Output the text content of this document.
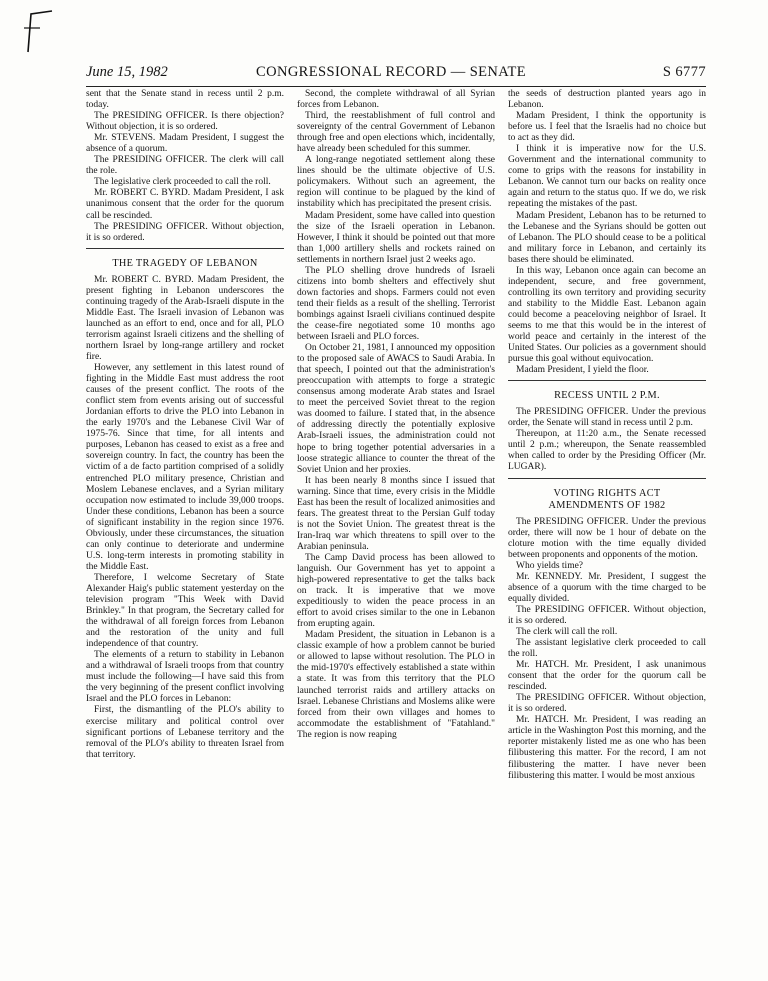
June 15, 1982	CONGRESSIONAL RECORD — SENATE	S 6777

sent that the Senate stand in recess until 2 p.m. today.

The PRESIDING OFFICER. Is there objection? Without objection, it is so ordered.

Mr. STEVENS. Madam President, I suggest the absence of a quorum.

The PRESIDING OFFICER. The clerk will call the role.

The legislative clerk proceeded to call the roll.

Mr. ROBERT C. BYRD. Madam President, I ask unanimous consent that the order for the quorum call be rescinded.

The PRESIDING OFFICER. Without objection, it is so ordered.

THE TRAGEDY OF LEBANON

Mr. ROBERT C. BYRD. Madam President, the present fighting in Lebanon underscores the continuing tragedy of the Arab-Israeli dispute in the Middle East. The Israeli invasion of Lebanon was launched as an effort to end, once and for all, PLO terrorism against Israeli citizens and the shelling of northern Israel by long-range artillery and rocket fire.

However, any settlement in this latest round of fighting in the Middle East must address the root causes of the present conflict. The roots of the conflict stem from events arising out of successful Jordanian efforts to drive the PLO into Lebanon in the early 1970's and the Lebanese Civil War of 1975-76. Since that time, for all intents and purposes, Lebanon has ceased to exist as a free and sovereign country. In fact, the country has been the victim of a de facto partition comprised of a solidly entrenched PLO military presence, Christian and Moslem Lebanese enclaves, and a Syrian military occupation now estimated to include 39,000 troops. Under these conditions, Lebanon has been a source of significant instability in the region since 1976. Obviously, under these circumstances, the situation can only continue to deteriorate and undermine U.S. long-term interests in promoting stability in the Middle East.

Therefore, I welcome Secretary of State Alexander Haig's public statement yesterday on the television program "This Week with David Brinkley." In that program, the Secretary called for the withdrawal of all foreign forces from Lebanon and the restoration of the unity and full independence of that country.

The elements of a return to stability in Lebanon and a withdrawal of Israeli troops from that country must include the following—I have said this from the very beginning of the present conflict involving Israel and the PLO forces in Lebanon:

First, the dismantling of the PLO's ability to exercise military and political control over significant portions of Lebanese territory and the removal of the PLO's ability to threaten Israel from that territory.

Second, the complete withdrawal of all Syrian forces from Lebanon.

Third, the reestablishment of full control and sovereignty of the central Government of Lebanon through free and open elections which, incidentally, have already been scheduled for this summer.

A long-range negotiated settlement along these lines should be the ultimate objective of U.S. policymakers. Without such an agreement, the region will continue to be plagued by the kind of instability which has precipitated the present crisis.

Madam President, some have called into question the size of the Israeli operation in Lebanon. However, I think it should be pointed out that more than 1,000 artillery shells and rockets rained on settlements in northern Israel just 2 weeks ago.

The PLO shelling drove hundreds of Israeli citizens into bomb shelters and effectively shut down factories and shops. Farmers could not even tend their fields as a result of the shelling. Terrorist bombings against Israeli civilians continued despite the cease-fire negotiated some 10 months ago between Israeli and PLO forces.

On October 21, 1981, I announced my opposition to the proposed sale of AWACS to Saudi Arabia. In that speech, I pointed out that the administration's preoccupation with attempts to forge a strategic consensus among moderate Arab states and Israel to meet the perceived Soviet threat to the region was doomed to failure. I stated that, in the absence of addressing directly the potentially explosive Arab-Israeli issues, the administration could not hope to bring together potential adversaries in a loose strategic alliance to counter the threat of the Soviet Union and her proxies.

It has been nearly 8 months since I issued that warning. Since that time, every crisis in the Middle East has been the result of localized animosities and fears. The greatest threat to the Persian Gulf today is not the Soviet Union. The greatest threat is the Iran-Iraq war which threatens to spill over to the Arabian peninsula.

The Camp David process has been allowed to languish. Our Government has yet to appoint a high-powered representative to get the talks back on track. It is imperative that we move expeditiously to widen the peace process in an effort to avoid crises similar to the one in Lebanon from erupting again.

Madam President, the situation in Lebanon is a classic example of how a problem cannot be buried or allowed to lapse without resolution. The PLO in the mid-1970's effectively established a state within a state. It was from this territory that the PLO launched terrorist raids and artillery attacks on Israel. Lebanese Christians and Moslems alike were forced from their own villages and homes to accommodate the establishment of "Fatahland." The region is now reaping

the seeds of destruction planted years ago in Lebanon.

Madam President, I think the opportunity is before us. I feel that the Israelis had no choice but to act as they did.

I think it is imperative now for the U.S. Government and the international community to come to grips with the reasons for instability in Lebanon. We cannot turn our backs on reality once again and return to the status quo. If we do, we risk repeating the mistakes of the past.

Madam President, Lebanon has to be returned to the Lebanese and the Syrians should be gotten out of Lebanon. The PLO should cease to be a political and military force in Lebanon, and certainly its bases there should be eliminated.

In this way, Lebanon once again can become an independent, secure, and free government, controlling its own territory and providing security and stability to the Middle East. Lebanon again could become a peaceloving neighbor of Israel. It seems to me that this would be in the interest of world peace and certainly in the interest of the United States. Our policies as a government should pursue this goal without equivocation.

Madam President, I yield the floor.

RECESS UNTIL 2 P.M.

The PRESIDING OFFICER. Under the previous order, the Senate will stand in recess until 2 p.m.

Thereupon, at 11:20 a.m., the Senate recessed until 2 p.m.; whereupon, the Senate reassembled when called to order by the Presiding Officer (Mr. LUGAR).

VOTING RIGHTS ACT
AMENDMENTS OF 1982

The PRESIDING OFFICER. Under the previous order, there will now be 1 hour of debate on the cloture motion with the time equally divided between proponents and opponents of the motion.

Who yields time?

Mr. KENNEDY. Mr. President, I suggest the absence of a quorum with the time charged to be equally divided.

The PRESIDING OFFICER. Without objection, it is so ordered.

The clerk will call the roll.

The assistant legislative clerk proceeded to call the roll.

Mr. HATCH. Mr. President, I ask unanimous consent that the order for the quorum call be rescinded.

The PRESIDING OFFICER. Without objection, it is so ordered.

Mr. HATCH. Mr. President, I was reading an article in the Washington Post this morning, and the reporter mistakenly listed me as one who has been filibustering this matter. For the record, I am not filibustering the matter. I have never been filibustering this matter. I would be most anxious
